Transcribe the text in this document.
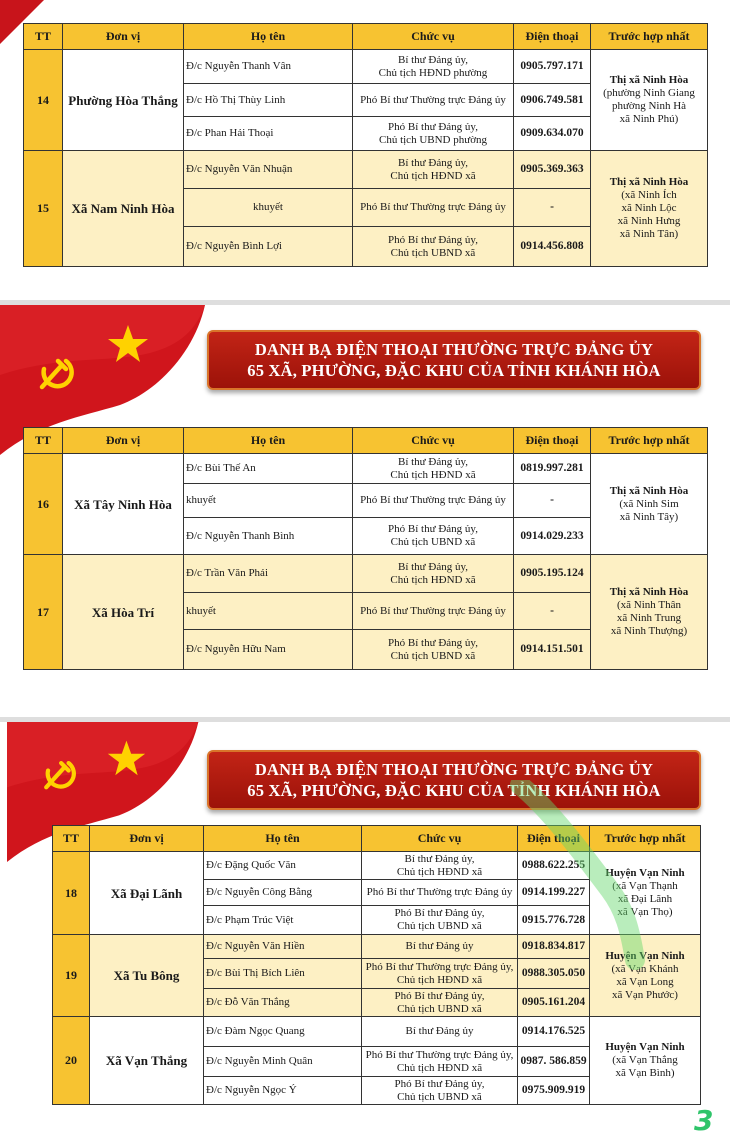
TT	Đơn vị	Họ tên	Chức vụ	Điện thoại	Trước hợp nhất
14	Phường Hòa Thắng	Đ/c Nguyễn Thanh Vân	Bí thư Đảng ủy,
Chủ tịch HĐND phường	0905.797.171	Thị xã Ninh Hòa
(phường Ninh Giang
phường Ninh Hà
xã Ninh Phú)
		Đ/c Hồ Thị Thùy Linh	Phó Bí thư Thường trực Đảng ủy	0906.749.581	
		Đ/c Phan Hải Thoại	Phó Bí thư Đảng ủy,
Chủ tịch UBND phường	0909.634.070	
15	Xã Nam Ninh Hòa	Đ/c Nguyễn Văn Nhuận	Bí thư Đảng ủy,
Chủ tịch HĐND xã	0905.369.363	Thị xã Ninh Hòa
(xã Ninh Ích
xã Ninh Lộc
xã Ninh Hưng
xã Ninh Tân)
		khuyết	Phó Bí thư Thường trực Đảng ủy	-	
		Đ/c Nguyễn Bình Lợi	Phó Bí thư Đảng ủy,
Chủ tịch UBND xã	0914.456.808	
DANH BẠ ĐIỆN THOẠI THƯỜNG TRỰC ĐẢNG ỦY
65 XÃ, PHƯỜNG, ĐẶC KHU CỦA TỈNH KHÁNH HÒA
TT	Đơn vị	Họ tên	Chức vụ	Điện thoại	Trước hợp nhất
16	Xã Tây Ninh Hòa	Đ/c Bùi Thế An	Bí thư Đảng ủy,
Chủ tịch HĐND xã	0819.997.281	Thị xã Ninh Hòa
(xã Ninh Sim
xã Ninh Tây)
		khuyết	Phó Bí thư Thường trực Đảng ủy	-	
		Đ/c Nguyễn Thanh Bình	Phó Bí thư Đảng ủy,
Chủ tịch UBND xã	0914.029.233	
17	Xã Hòa Trí	Đ/c Trần Văn Phái	Bí thư Đảng ủy,
Chủ tịch HĐND xã	0905.195.124	Thị xã Ninh Hòa
(xã Ninh Thân
xã Ninh Trung
xã Ninh Thượng)
		khuyết	Phó Bí thư Thường trực Đảng ủy	-	
		Đ/c Nguyễn Hữu Nam	Phó Bí thư Đảng ủy,
Chủ tịch UBND xã	0914.151.501	
DANH BẠ ĐIỆN THOẠI THƯỜNG TRỰC ĐẢNG ỦY
65 XÃ, PHƯỜNG, ĐẶC KHU CỦA TỈNH KHÁNH HÒA
TT	Đơn vị	Họ tên	Chức vụ	Điện thoại	Trước hợp nhất
18	Xã Đại Lãnh	Đ/c Đặng Quốc Văn	Bí thư Đảng ủy,
Chủ tịch HĐND xã	0988.622.255	Huyện Vạn Ninh
(xã Vạn Thạnh
xã Đại Lãnh
xã Vạn Thọ)
		Đ/c Nguyễn Công Bằng	Phó Bí thư Thường trực Đảng ủy	0914.199.227	
		Đ/c Phạm Trúc Việt	Phó Bí thư Đảng ủy,
Chủ tịch UBND xã	0915.776.728	
19	Xã Tu Bông	Đ/c Nguyễn Văn Hiền	Bí thư Đảng ủy	0918.834.817	Huyện Vạn Ninh
(xã Vạn Khánh
xã Vạn Long
xã Vạn Phước)
		Đ/c Bùi Thị Bích Liên	Phó Bí thư Thường trực Đảng ủy,
Chủ tịch HĐND xã	0988.305.050	
		Đ/c Đỗ Văn Thắng	Phó Bí thư Đảng ủy,
Chủ tịch UBND xã	0905.161.204	
20	Xã Vạn Thắng	Đ/c Đàm Ngọc Quang	Bí thư Đảng ủy	0914.176.525	Huyện Vạn Ninh
(xã Vạn Thắng
xã Vạn Bình)
		Đ/c Nguyễn Minh Quân	Phó Bí thư Thường trực Đảng ủy,
Chủ tịch HĐND xã	0987. 586.859	
		Đ/c Nguyễn Ngọc Ý	Phó Bí thư Đảng ủy,
Chủ tịch UBND xã	0975.909.919	
3
